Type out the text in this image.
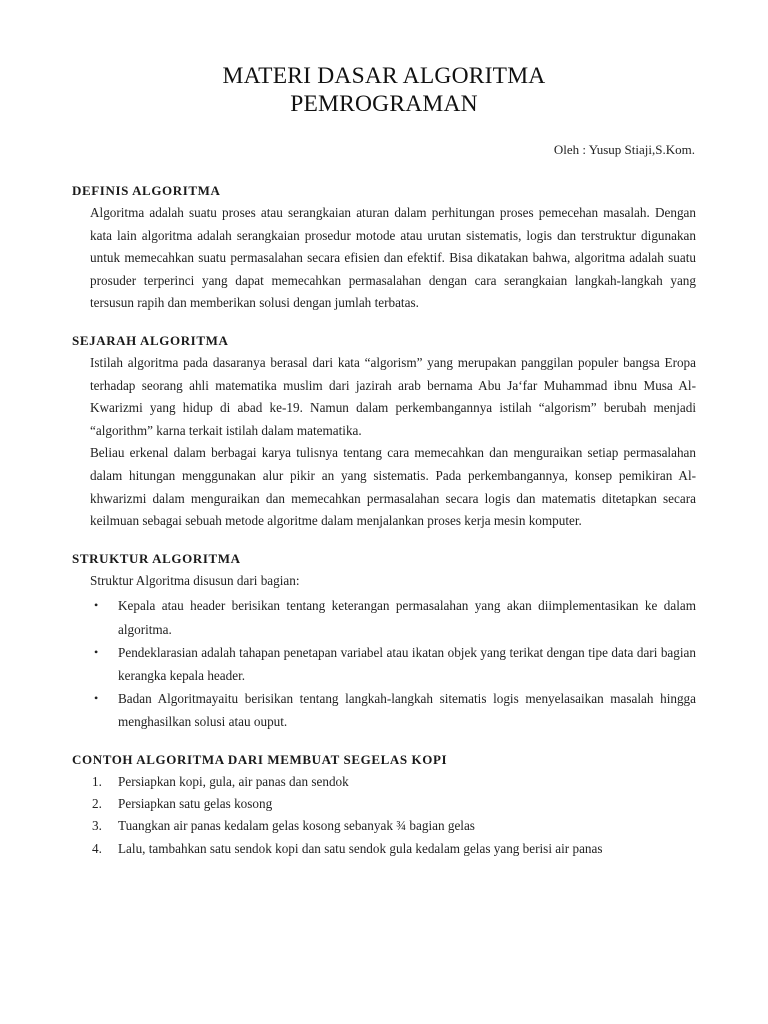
MATERI DASAR ALGORITMA
PEMROGRAMAN
Oleh : Yusup Stiaji,S.Kom.
DEFINIS ALGORITMA

Algoritma adalah suatu proses atau serangkaian aturan dalam perhitungan proses pemecehan masalah. Dengan kata lain algoritma adalah serangkaian prosedur motode atau urutan sistematis, logis dan terstruktur digunakan untuk memecahkan suatu permasalahan secara efisien dan efektif. Bisa dikatakan bahwa, algoritma adalah suatu prosuder terperinci yang dapat memecahkan permasalahan dengan cara serangkaian langkah-langkah yang tersusun rapih dan memberikan solusi dengan jumlah terbatas.

SEJARAH ALGORITMA

Istilah algoritma pada dasaranya berasal dari kata “algorism” yang merupakan panggilan populer bangsa Eropa terhadap seorang ahli matematika muslim dari jazirah arab bernama Abu Ja‘far Muhammad ibnu Musa Al-Kwarizmi yang hidup di abad ke-19. Namun dalam perkembangannya istilah “algorism” berubah menjadi “algorithm” karna terkait istilah dalam matematika.

Beliau erkenal dalam berbagai karya tulisnya tentang cara memecahkan dan menguraikan setiap permasalahan dalam hitungan menggunakan alur pikir an yang sistematis. Pada perkembangannya, konsep pemikiran Al-khwarizmi dalam menguraikan dan memecahkan permasalahan secara logis dan matematis ditetapkan secara keilmuan sebagai sebuah metode algoritme dalam menjalankan proses kerja mesin komputer.

STRUKTUR ALGORITMA

Struktur Algoritma disusun dari bagian:

• Kepala atau header berisikan tentang keterangan permasalahan yang akan diimplementasikan ke dalam algoritma.
• Pendeklarasian adalah tahapan penetapan variabel atau ikatan objek yang terikat dengan tipe data dari bagian kerangka kepala header.
• Badan Algoritmayaitu berisikan tentang langkah-langkah sitematis logis menyelasaikan masalah hingga menghasilkan solusi atau ouput.
CONTOH ALGORITMA DARI MEMBUAT SEGELAS KOPI
1. Persiapkan kopi, gula, air panas dan sendok
2. Persiapkan satu gelas kosong
3. Tuangkan air panas kedalam gelas kosong sebanyak ¾ bagian gelas
4. Lalu, tambahkan satu sendok kopi dan satu sendok gula kedalam gelas yang berisi air panas
